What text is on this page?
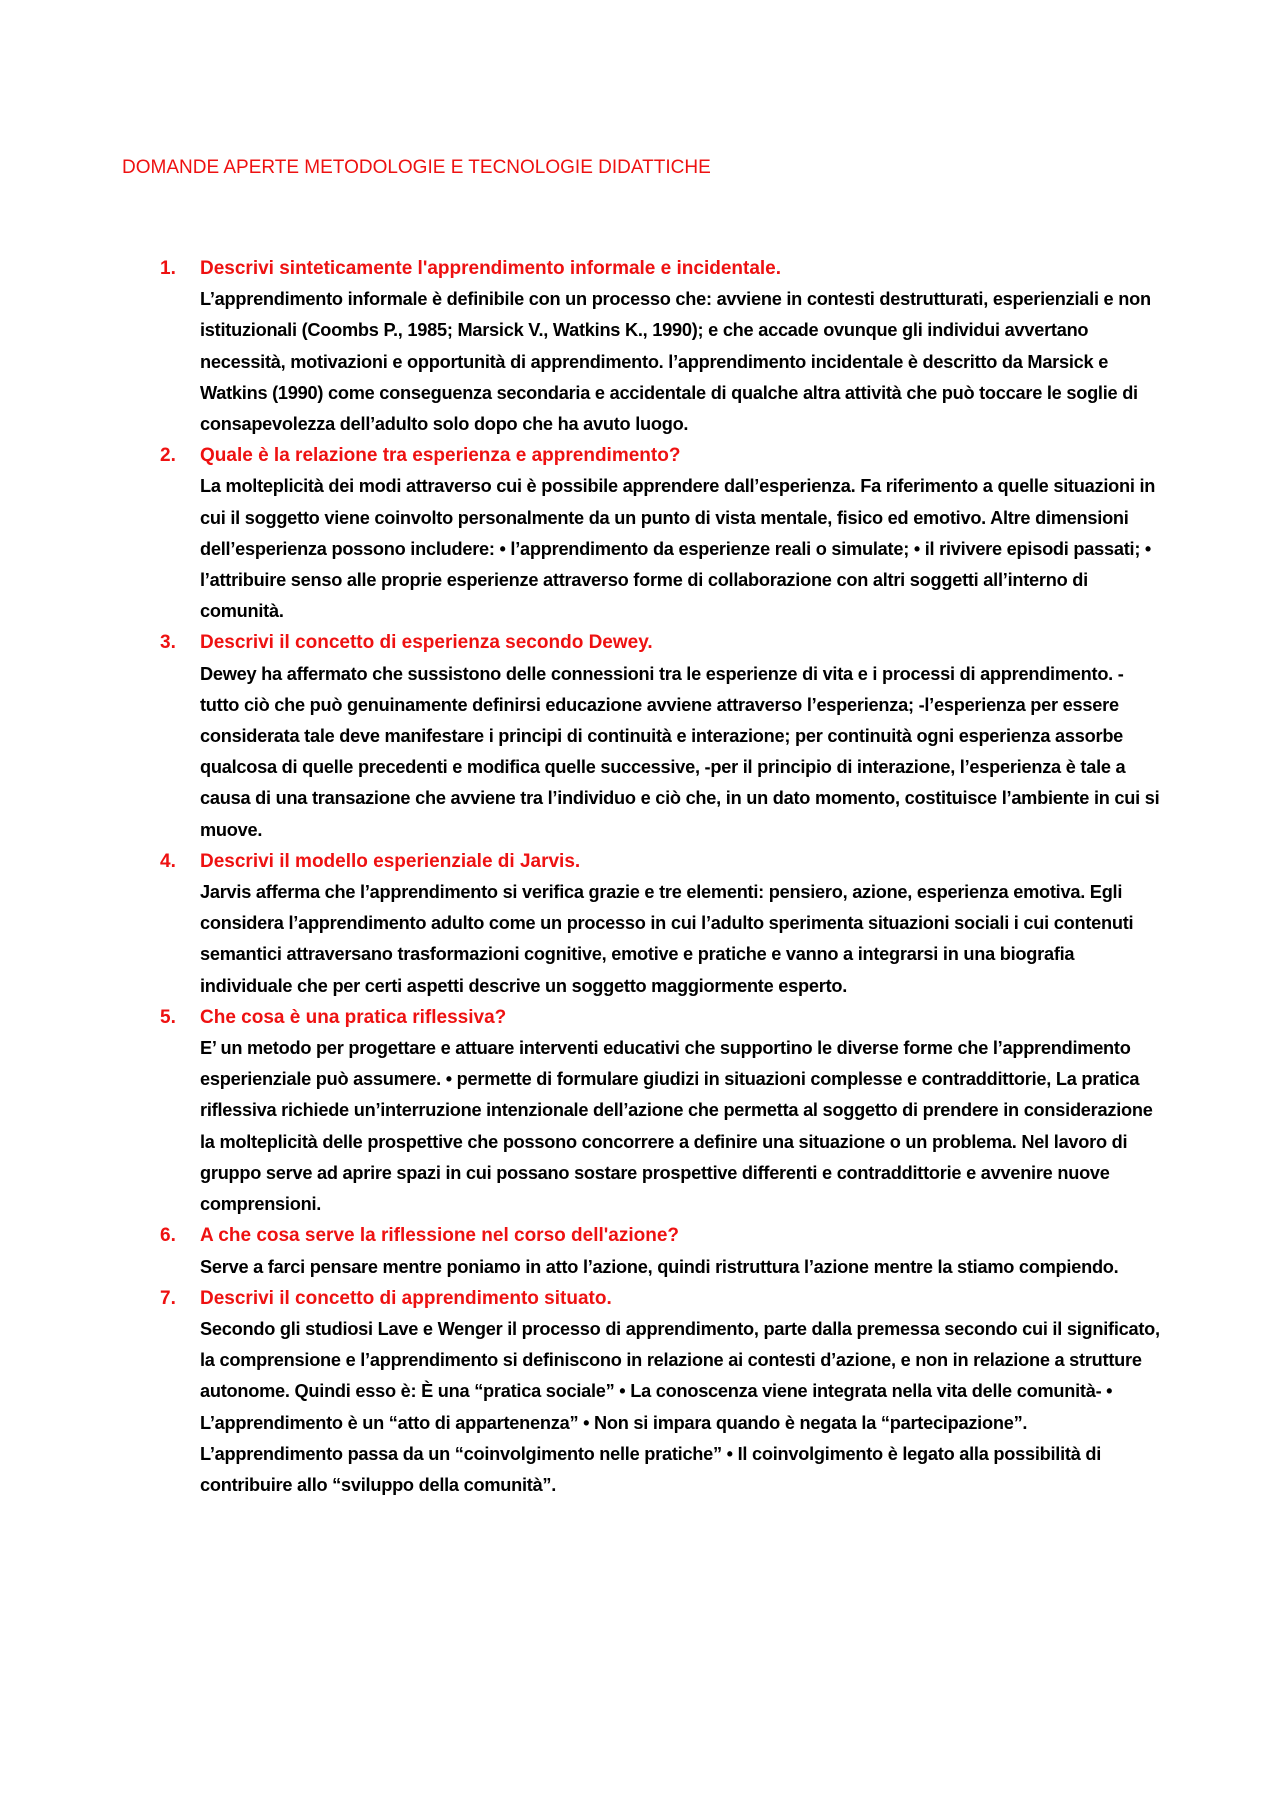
DOMANDE APERTE METODOLOGIE E TECNOLOGIE DIDATTICHE
1. Descrivi sinteticamente l'apprendimento informale e incidentale.
L’apprendimento informale è definibile con un processo che: avviene in contesti destrutturati, esperienziali e non istituzionali (Coombs P., 1985; Marsick V., Watkins K., 1990); e che accade ovunque gli individui avvertano necessità, motivazioni e opportunità di apprendimento. l’apprendimento incidentale è descritto da Marsick e Watkins (1990) come conseguenza secondaria e accidentale di qualche altra attività che può toccare le soglie di consapevolezza dell’adulto solo dopo che ha avuto luogo.
2. Quale è la relazione tra esperienza e apprendimento?
La molteplicità dei modi attraverso cui è possibile apprendere dall’esperienza. Fa riferimento a quelle situazioni in cui il soggetto viene coinvolto personalmente da un punto di vista mentale, fisico ed emotivo. Altre dimensioni dell’esperienza possono includere: • l’apprendimento da esperienze reali o simulate; • il rivivere episodi passati; • l’attribuire senso alle proprie esperienze attraverso forme di collaborazione con altri soggetti all’interno di comunità.
3. Descrivi il concetto di esperienza secondo Dewey.
Dewey ha affermato che sussistono delle connessioni tra le esperienze di vita e i processi di apprendimento. -tutto ciò che può genuinamente definirsi educazione avviene attraverso l’esperienza; -l’esperienza per essere considerata tale deve manifestare i principi di continuità e interazione; per continuità ogni esperienza assorbe qualcosa di quelle precedenti e modifica quelle successive, -per il principio di interazione, l’esperienza è tale a causa di una transazione che avviene tra l’individuo e ciò che, in un dato momento, costituisce l’ambiente in cui si muove.
4. Descrivi il modello esperienziale di Jarvis.
Jarvis afferma che l’apprendimento si verifica grazie e tre elementi: pensiero, azione, esperienza emotiva. Egli considera l’apprendimento adulto come un processo in cui l’adulto sperimenta situazioni sociali i cui contenuti semantici attraversano trasformazioni cognitive, emotive e pratiche e vanno a integrarsi in una biografia individuale che per certi aspetti descrive un soggetto maggiormente esperto.
5. Che cosa è una pratica riflessiva?
E’ un metodo per progettare e attuare interventi educativi che supportino le diverse forme che l’apprendimento esperienziale può assumere. • permette di formulare giudizi in situazioni complesse e contraddittorie, La pratica riflessiva richiede un’interruzione intenzionale dell’azione che permetta al soggetto di prendere in considerazione la molteplicità delle prospettive che possono concorrere a definire una situazione o un problema. Nel lavoro di gruppo serve ad aprire spazi in cui possano sostare prospettive differenti e contraddittorie e avvenire nuove comprensioni.
6. A che cosa serve la riflessione nel corso dell'azione?
Serve a farci pensare mentre poniamo in atto l’azione, quindi ristruttura l’azione mentre la stiamo compiendo.
7. Descrivi il concetto di apprendimento situato.
Secondo gli studiosi Lave e Wenger il processo di apprendimento, parte dalla premessa secondo cui il significato, la comprensione e l’apprendimento si definiscono in relazione ai contesti d’azione, e non in relazione a strutture autonome. Quindi esso è: È una “pratica sociale” • La conoscenza viene integrata nella vita delle comunità- • L’apprendimento è un “atto di appartenenza” • Non si impara quando è negata la “partecipazione”. L’apprendimento passa da un “coinvolgimento nelle pratiche” • Il coinvolgimento è legato alla possibilità di contribuire allo “sviluppo della comunità”.
